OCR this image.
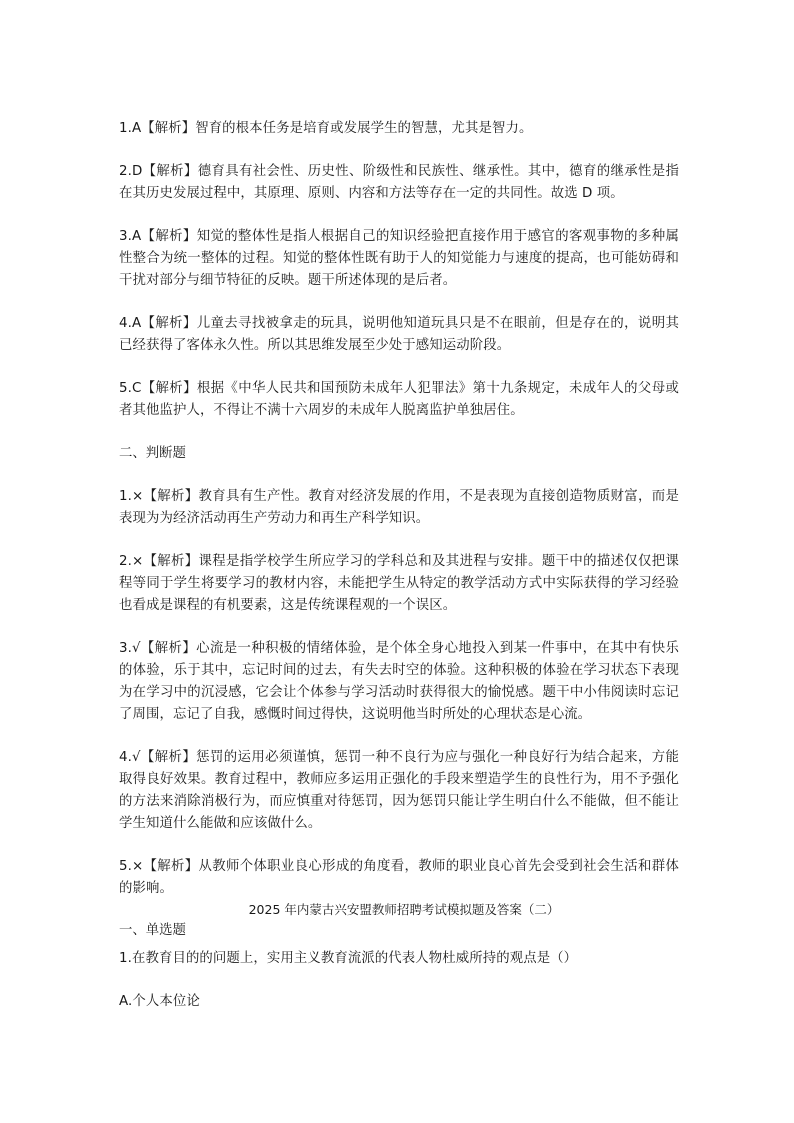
1.A【解析】智育的根本任务是培育或发展学生的智慧，尤其是智力。

2.D【解析】德育具有社会性、历史性、阶级性和民族性、继承性。其中，德育的继承性是指在其历史发展过程中，其原理、原则、内容和方法等存在一定的共同性。故选 D 项。

3.A【解析】知觉的整体性是指人根据自己的知识经验把直接作用于感官的客观事物的多种属性整合为统一整体的过程。知觉的整体性既有助于人的知觉能力与速度的提高，也可能妨碍和干扰对部分与细节特征的反映。题干所述体现的是后者。

4.A【解析】儿童去寻找被拿走的玩具，说明他知道玩具只是不在眼前，但是存在的，说明其已经获得了客体永久性。所以其思维发展至少处于感知运动阶段。

5.C【解析】根据《中华人民共和国预防未成年人犯罪法》第十九条规定，未成年人的父母或者其他监护人，不得让不满十六周岁的未成年人脱离监护单独居住。

二、判断题

1.×【解析】教育具有生产性。教育对经济发展的作用，不是表现为直接创造物质财富，而是表现为为经济活动再生产劳动力和再生产科学知识。

2.×【解析】课程是指学校学生所应学习的学科总和及其进程与安排。题干中的描述仅仅把课程等同于学生将要学习的教材内容，未能把学生从特定的教学活动方式中实际获得的学习经验也看成是课程的有机要素，这是传统课程观的一个误区。

3.√【解析】心流是一种积极的情绪体验，是个体全身心地投入到某一件事中，在其中有快乐的体验，乐于其中，忘记时间的过去，有失去时空的体验。这种积极的体验在学习状态下表现为在学习中的沉浸感，它会让个体参与学习活动时获得很大的愉悦感。题干中小伟阅读时忘记了周围，忘记了自我，感慨时间过得快，这说明他当时所处的心理状态是心流。

4.√【解析】惩罚的运用必须谨慎，惩罚一种不良行为应与强化一种良好行为结合起来，方能取得良好效果。教育过程中，教师应多运用正强化的手段来塑造学生的良性行为，用不予强化的方法来消除消极行为，而应慎重对待惩罚，因为惩罚只能让学生明白什么不能做，但不能让学生知道什么能做和应该做什么。

5.×【解析】从教师个体职业良心形成的角度看，教师的职业良心首先会受到社会生活和群体的影响。

2025 年内蒙古兴安盟教师招聘考试模拟题及答案（二）

一、单选题

1.在教育目的的问题上，实用主义教育流派的代表人物杜威所持的观点是（）

A.个人本位论
